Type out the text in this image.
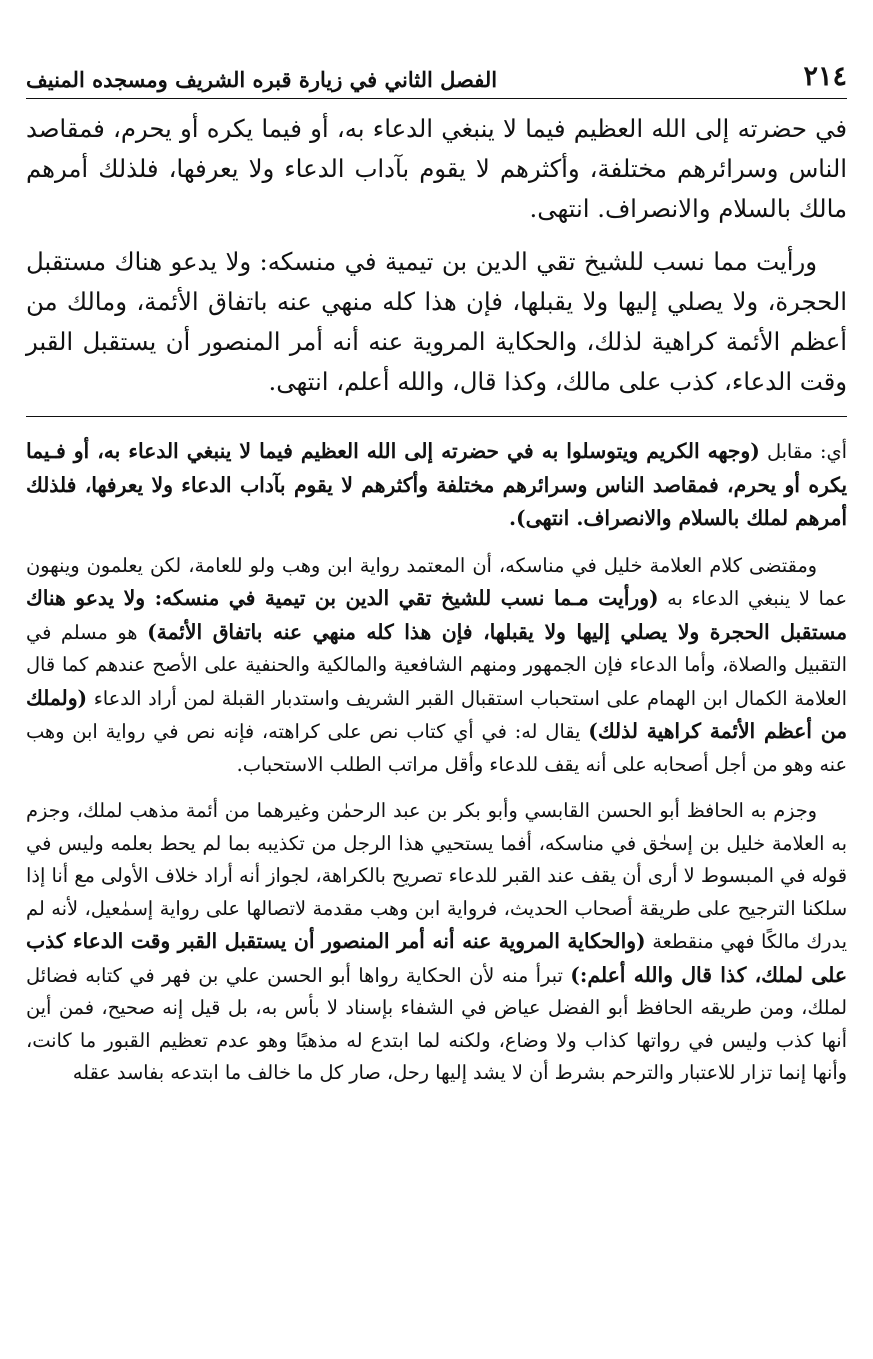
٢١٤
الفصل الثاني في زيارة قبره الشريف ومسجده المنيف

في حضرته إلى الله العظيم فيما لا ينبغي الدعاء به، أو فيما يكره أو يحرم، فمقاصد الناس وسرائرهم مختلفة، وأكثرهم لا يقوم بآداب الدعاء ولا يعرفها، فلذلك أمرهم مالك بالسلام والانصراف. انتهى.

ورأيت مما نسب للشيخ تقي الدين بن تيمية في منسكه: ولا يدعو هناك مستقبل الحجرة، ولا يصلي إليها ولا يقبلها، فإن هذا كله منهي عنه باتفاق الأئمة، ومالك من أعظم الأئمة كراهية لذلك، والحكاية المروية عنه أنه أمر المنصور أن يستقبل القبر وقت الدعاء، كذب على مالك، وكذا قال، والله أعلم، انتهى.

أي: مقابل (وجهه الكريم ويتوسلوا به في حضرته إلى الله العظيم فيما لا ينبغي الدعاء به، أو فـيما يكره أو يحرم، فمقاصد الناس وسرائرهم مختلفة وأكثرهم لا يقوم بآداب الدعاء ولا يعرفها، فلذلك أمرهم لملك بالسلام والانصراف. انتهى).

ومقتضى كلام العلامة خليل في مناسكه، أن المعتمد رواية ابن وهب ولو للعامة، لكن يعلمون وينهون عما لا ينبغي الدعاء به (ورأيت مـما نسب للشيخ تقي الدين بن تيمية في منسكه: ولا يدعو هناك مستقبل الحجرة ولا يصلي إليها ولا يقبلها، فإن هذا كله منهي عنه باتفاق الأئمة) هو مسلم في التقبيل والصلاة، وأما الدعاء فإن الجمهور ومنهم الشافعية والمالكية والحنفية على الأصح عندهم كما قال العلامة الكمال ابن الهمام على استحباب استقبال القبر الشريف واستدبار القبلة لمن أراد الدعاء (ولملك من أعظم الأئمة كراهية لذلك) يقال له: في أي كتاب نص على كراهته، فإنه نص في رواية ابن وهب عنه وهو من أجل أصحابه على أنه يقف للدعاء وأقل مراتب الطلب الاستحباب.

وجزم به الحافظ أبو الحسن القابسي وأبو بكر بن عبد الرحمٰن وغيرهما من أئمة مذهب لملك، وجزم به العلامة خليل بن إسحٰق في مناسكه، أفما يستحيي هذا الرجل من تكذيبه بما لم يحط بعلمه وليس في قوله في المبسوط لا أرى أن يقف عند القبر للدعاء تصريح بالكراهة، لجواز أنه أراد خلاف الأولى مع أنا إذا سلكنا الترجيح على طريقة أصحاب الحديث، فرواية ابن وهب مقدمة لاتصالها على رواية إسمٰعيل، لأنه لم يدرك مالكًا فهي منقطعة (والحكاية المروية عنه أنه أمر المنصور أن يستقبل القبر وقت الدعاء كذب على لملك، كذا قال والله أعلم:) تبرأ منه لأن الحكاية رواها أبو الحسن علي بن فهر في كتابه فضائل لملك، ومن طريقه الحافظ أبو الفضل عياض في الشفاء بإسناد لا بأس به، بل قيل إنه صحيح، فمن أين أنها كذب وليس في رواتها كذاب ولا وضاع، ولكنه لما ابتدع له مذهبًا وهو عدم تعظيم القبور ما كانت، وأنها إنما تزار للاعتبار والترحم بشرط أن لا يشد إليها رحل، صار كل ما خالف ما ابتدعه بفاسد عقله
